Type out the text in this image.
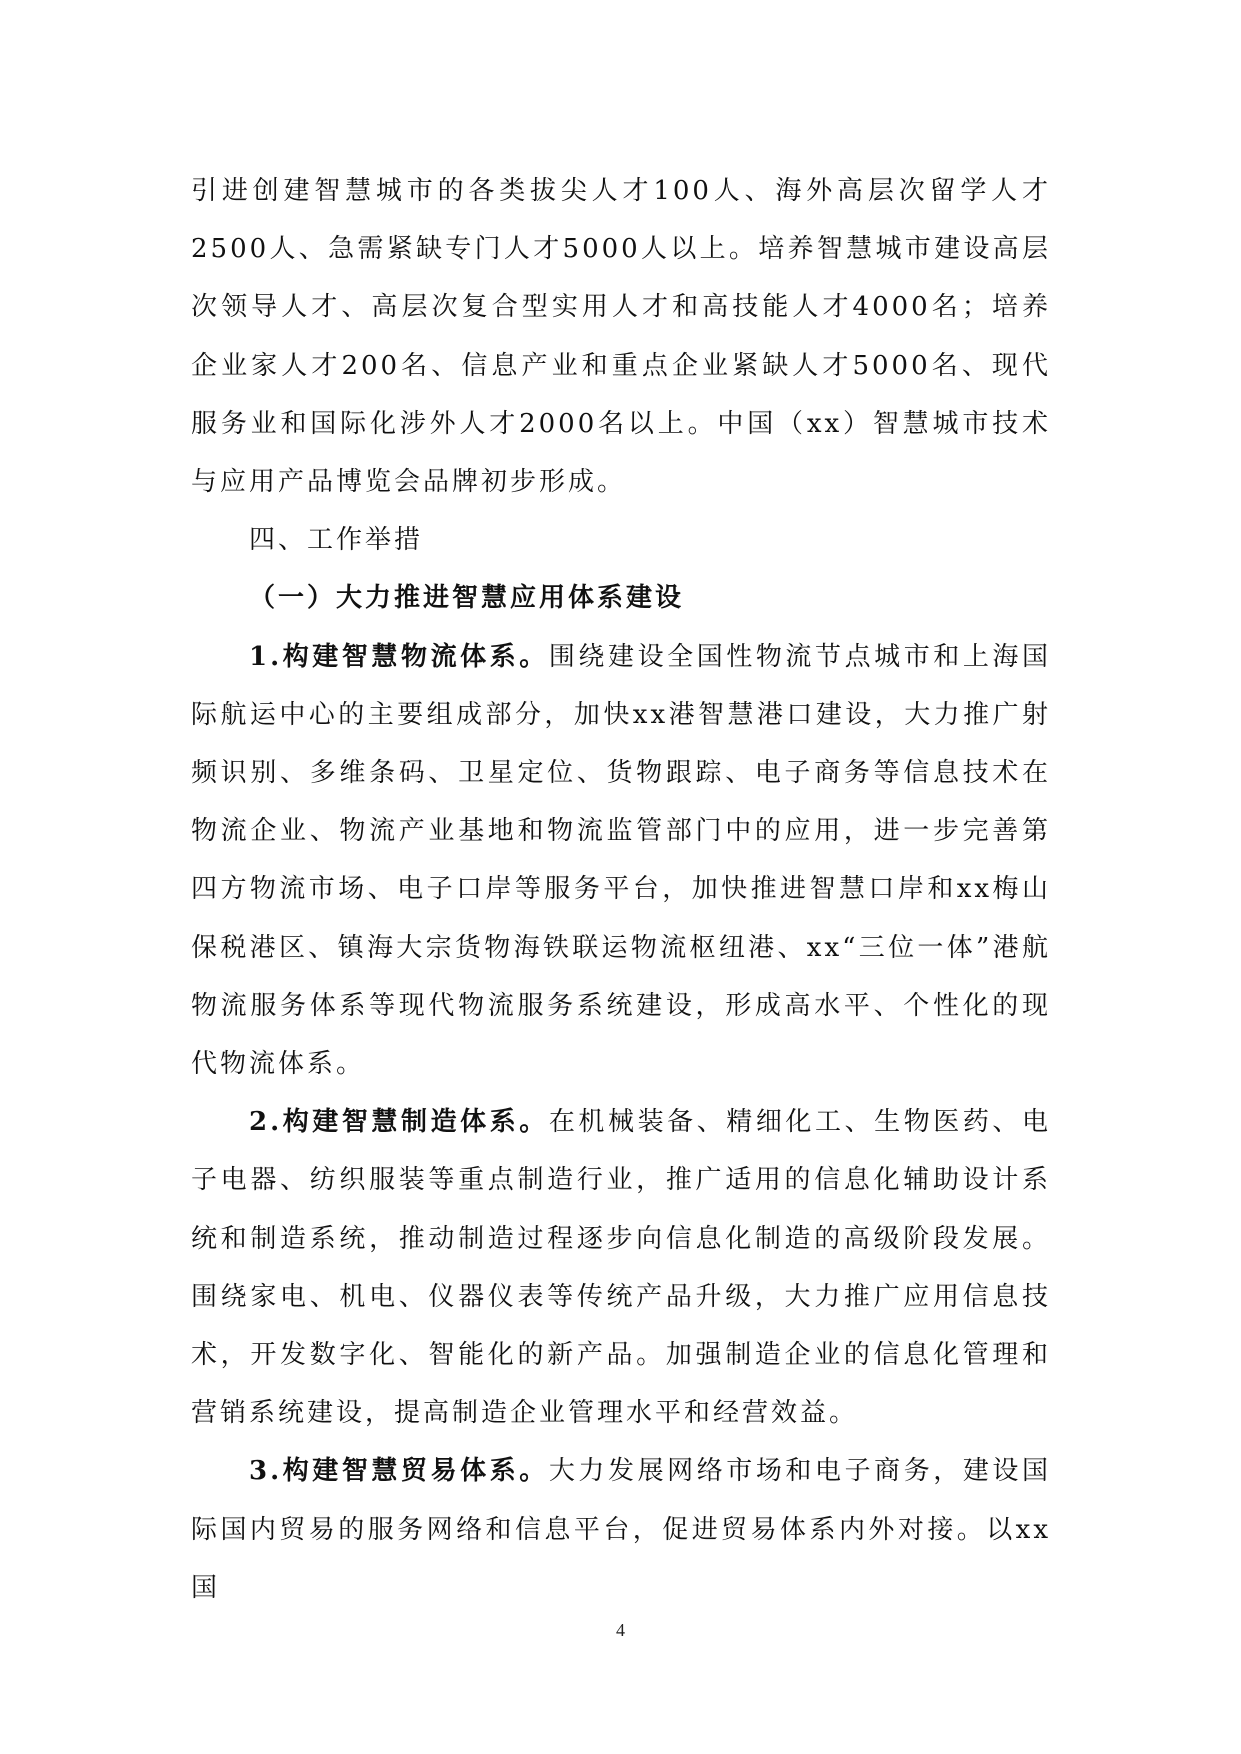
引进创建智慧城市的各类拔尖人才100人、海外高层次留学人才2500人、急需紧缺专门人才5000人以上。培养智慧城市建设高层次领导人才、高层次复合型实用人才和高技能人才4000名；培养企业家人才200名、信息产业和重点企业紧缺人才5000名、现代服务业和国际化涉外人才2000名以上。中国（xx）智慧城市技术与应用产品博览会品牌初步形成。

四、工作举措

（一）大力推进智慧应用体系建设

1.构建智慧物流体系。围绕建设全国性物流节点城市和上海国际航运中心的主要组成部分，加快xx港智慧港口建设，大力推广射频识别、多维条码、卫星定位、货物跟踪、电子商务等信息技术在物流企业、物流产业基地和物流监管部门中的应用，进一步完善第四方物流市场、电子口岸等服务平台，加快推进智慧口岸和xx梅山保税港区、镇海大宗货物海铁联运物流枢纽港、xx“三位一体”港航物流服务体系等现代物流服务系统建设，形成高水平、个性化的现代物流体系。

2.构建智慧制造体系。在机械装备、精细化工、生物医药、电子电器、纺织服装等重点制造行业，推广适用的信息化辅助设计系统和制造系统，推动制造过程逐步向信息化制造的高级阶段发展。围绕家电、机电、仪器仪表等传统产品升级，大力推广应用信息技术，开发数字化、智能化的新产品。加强制造企业的信息化管理和营销系统建设，提高制造企业管理水平和经营效益。

3.构建智慧贸易体系。大力发展网络市场和电子商务，建设国际国内贸易的服务网络和信息平台，促进贸易体系内外对接。以xx国

4
